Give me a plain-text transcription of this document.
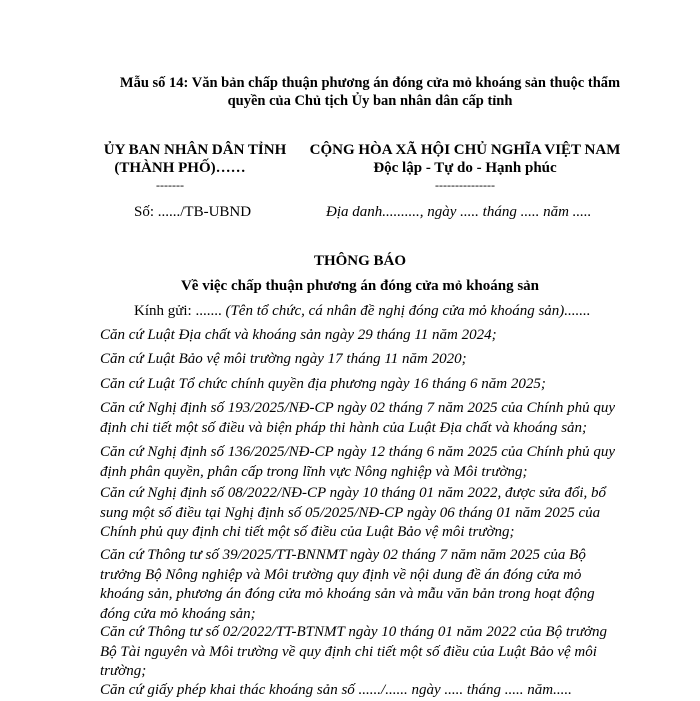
Mẫu số 14: Văn bản chấp thuận phương án đóng cửa mỏ khoáng sản thuộc thẩm
quyền của Chủ tịch Ủy ban nhân dân cấp tỉnh
ỦY BAN NHÂN DÂN TỈNH
(THÀNH PHỐ)……
-------
CỘNG HÒA XÃ HỘI CHỦ NGHĨA VIỆT NAM
Độc lập - Tự do - Hạnh phúc
---------------
Số: ....../TB-UBND	Địa danh.........., ngày ..... tháng ..... năm .....
THÔNG BÁO
Về việc chấp thuận phương án đóng cửa mỏ khoáng sản
Kính gửi: ....... (Tên tổ chức, cá nhân đề nghị đóng cửa mỏ khoáng sản).......
Căn cứ Luật Địa chất và khoáng sản ngày 29 tháng 11 năm 2024;
Căn cứ Luật Bảo vệ môi trường ngày 17 tháng 11 năm 2020;
Căn cứ Luật Tổ chức chính quyền địa phương ngày 16 tháng 6 năm 2025;
Căn cứ Nghị định số 193/2025/NĐ-CP ngày 02 tháng 7 năm 2025 của Chính phủ quy
định chi tiết một số điều và biện pháp thi hành của Luật Địa chất và khoáng sản;
Căn cứ Nghị định số 136/2025/NĐ-CP ngày 12 tháng 6 năm 2025 của Chính phủ quy
định phân quyền, phân cấp trong lĩnh vực Nông nghiệp và Môi trường;
Căn cứ Nghị định số 08/2022/NĐ-CP ngày 10 tháng 01 năm 2022, được sửa đổi, bổ
sung một số điều tại Nghị định số 05/2025/NĐ-CP ngày 06 tháng 01 năm 2025 của
Chính phủ quy định chi tiết một số điều của Luật Bảo vệ môi trường;
Căn cứ Thông tư số 39/2025/TT-BNNMT ngày 02 tháng 7 năm năm 2025 của Bộ
trưởng Bộ Nông nghiệp và Môi trường quy định về nội dung đề án đóng cửa mỏ
khoáng sản, phương án đóng cửa mỏ khoáng sản và mẫu văn bản trong hoạt động
đóng cửa mỏ khoáng sản;
Căn cứ Thông tư số 02/2022/TT-BTNMT ngày 10 tháng 01 năm 2022 của Bộ trưởng
Bộ Tài nguyên và Môi trường về quy định chi tiết một số điều của Luật Bảo vệ môi
trường;
Căn cứ giấy phép khai thác khoáng sản số ....../...... ngày ..... tháng ..... năm.....
